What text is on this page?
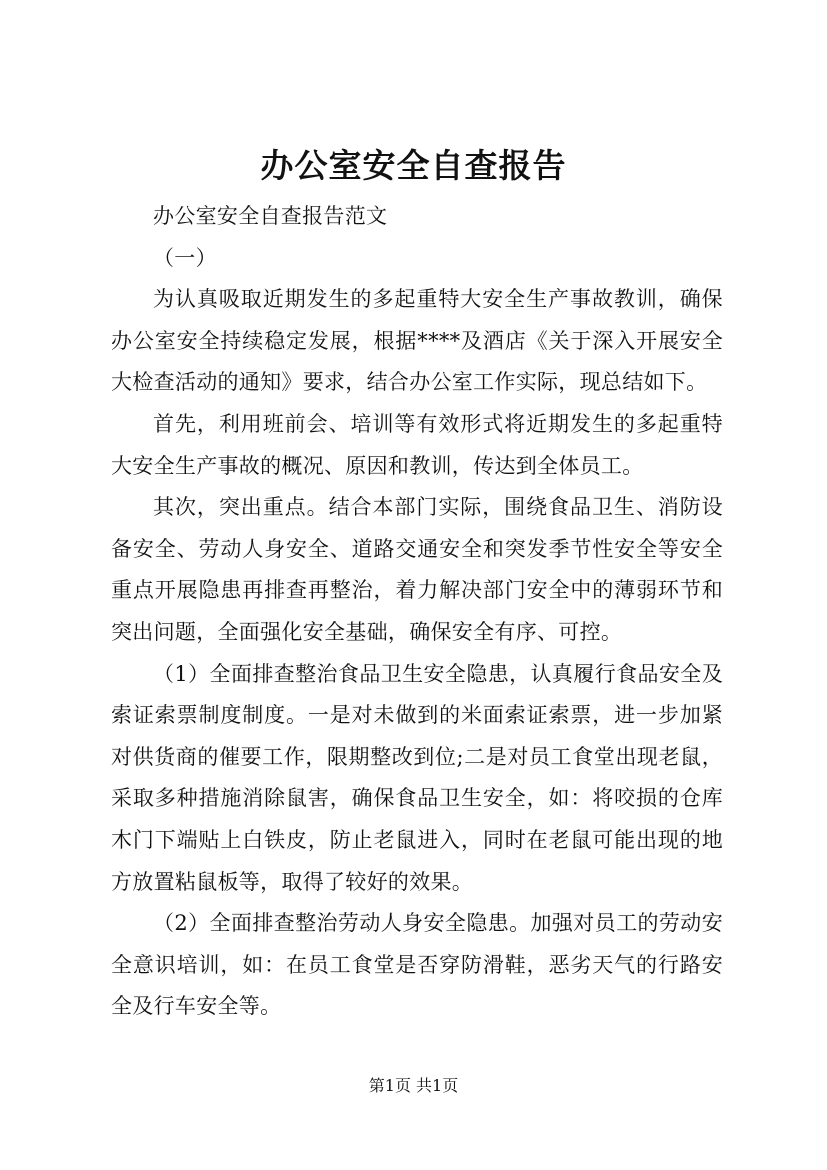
办公室安全自查报告

办公室安全自查报告范文

（一）

为认真吸取近期发生的多起重特大安全生产事故教训，确保办公室安全持续稳定发展，根据****及酒店《关于深入开展安全大检查活动的通知》要求，结合办公室工作实际，现总结如下。

首先，利用班前会、培训等有效形式将近期发生的多起重特大安全生产事故的概况、原因和教训，传达到全体员工。

其次，突出重点。结合本部门实际，围绕食品卫生、消防设备安全、劳动人身安全、道路交通安全和突发季节性安全等安全重点开展隐患再排查再整治，着力解决部门安全中的薄弱环节和突出问题，全面强化安全基础，确保安全有序、可控。

（1）全面排查整治食品卫生安全隐患，认真履行食品安全及索证索票制度制度。一是对未做到的米面索证索票，进一步加紧对供货商的催要工作，限期整改到位;二是对员工食堂出现老鼠，采取多种措施消除鼠害，确保食品卫生安全，如：将咬损的仓库木门下端贴上白铁皮，防止老鼠进入，同时在老鼠可能出现的地方放置粘鼠板等，取得了较好的效果。

（2）全面排查整治劳动人身安全隐患。加强对员工的劳动安全意识培训，如：在员工食堂是否穿防滑鞋，恶劣天气的行路安全及行车安全等。

第1页 共1页
